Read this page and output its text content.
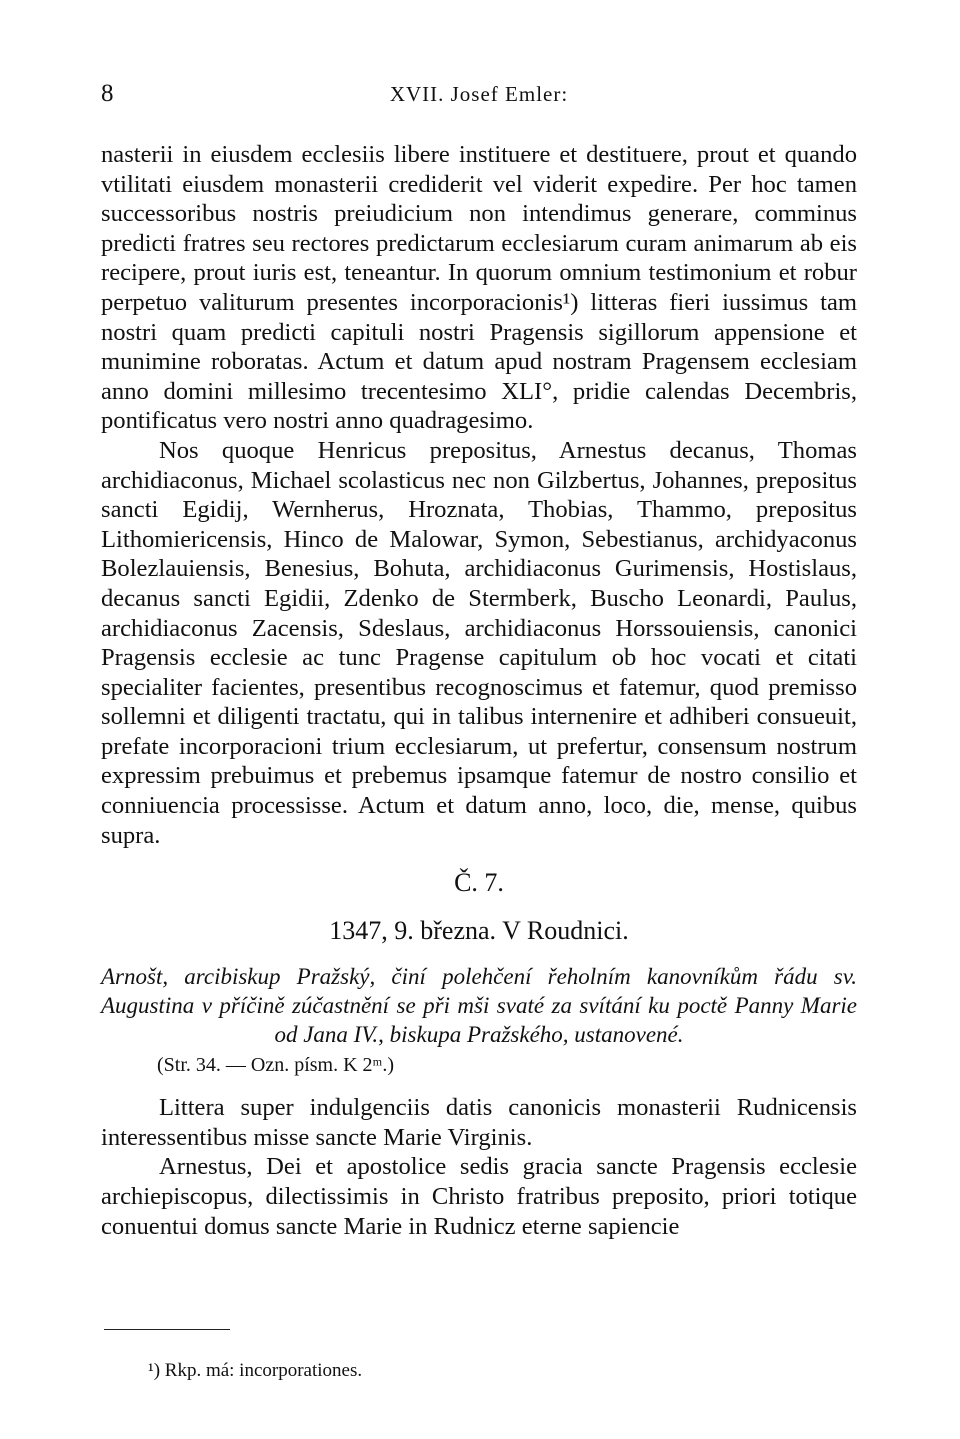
8	XVII. Josef Emler:

nasterii in eiusdem ecclesiis libere instituere et destituere, prout et quando vtilitati eiusdem monasterii crediderit vel viderit expedire. Per hoc tamen successoribus nostris preiudicium non intendimus generare, comminus predicti fratres seu rectores predictarum ecclesiarum curam animarum ab eis recipere, prout iuris est, teneantur. In quorum omnium testimonium et robur perpetuo valiturum presentes incorporacionis¹) litteras fieri iussimus tam nostri quam predicti capituli nostri Pragensis sigillorum appensione et munimine roboratas. Actum et datum apud nostram Pragensem ecclesiam anno domini millesimo trecentesimo XLI°, pridie calendas Decembris, pontificatus vero nostri anno quadragesimo.

Nos quoque Henricus prepositus, Arnestus decanus, Thomas archidiaconus, Michael scolasticus nec non Gilzbertus, Johannes, prepositus sancti Egidij, Wernherus, Hroznata, Thobias, Thammo, prepositus Lithomiericensis, Hinco de Malowar, Symon, Sebestianus, archidyaconus Bolezlauiensis, Benesius, Bohuta, archidiaconus Gurimensis, Hostislaus, decanus sancti Egidii, Zdenko de Stermberk, Buscho Leonardi, Paulus, archidiaconus Zacensis, Sdeslaus, archidiaconus Horssouiensis, canonici Pragensis ecclesie ac tunc Pragense capitulum ob hoc vocati et citati specialiter facientes, presentibus recognoscimus et fatemur, quod premisso sollemni et diligenti tractatu, qui in talibus internenire et adhiberi consueuit, prefate incorporacioni trium ecclesiarum, ut prefertur, consensum nostrum expressim prebuimus et prebemus ipsamque fatemur de nostro consilio et conniuencia processisse. Actum et datum anno, loco, die, mense, quibus supra.

Č. 7.

1347, 9. března. V Roudnici.

Arnošt, arcibiskup Pražský, činí polehčení řeholním kanovníkům řádu sv. Augustina v příčině zúčastnění se při mši svaté za svítání ku poctě Panny Marie od Jana IV., biskupa Pražského, ustanovené.

(Str. 34. — Ozn. písm. K 2ᵐ.)

Littera super indulgenciis datis canonicis monasterii Rudnicensis interessentibus misse sancte Marie Virginis.

Arnestus, Dei et apostolice sedis gracia sancte Pragensis ecclesie archiepiscopus, dilectissimis in Christo fratribus preposito, priori totique conuentui domus sancte Marie in Rudnicz eterne sapiencie

¹) Rkp. má: incorporationes.
